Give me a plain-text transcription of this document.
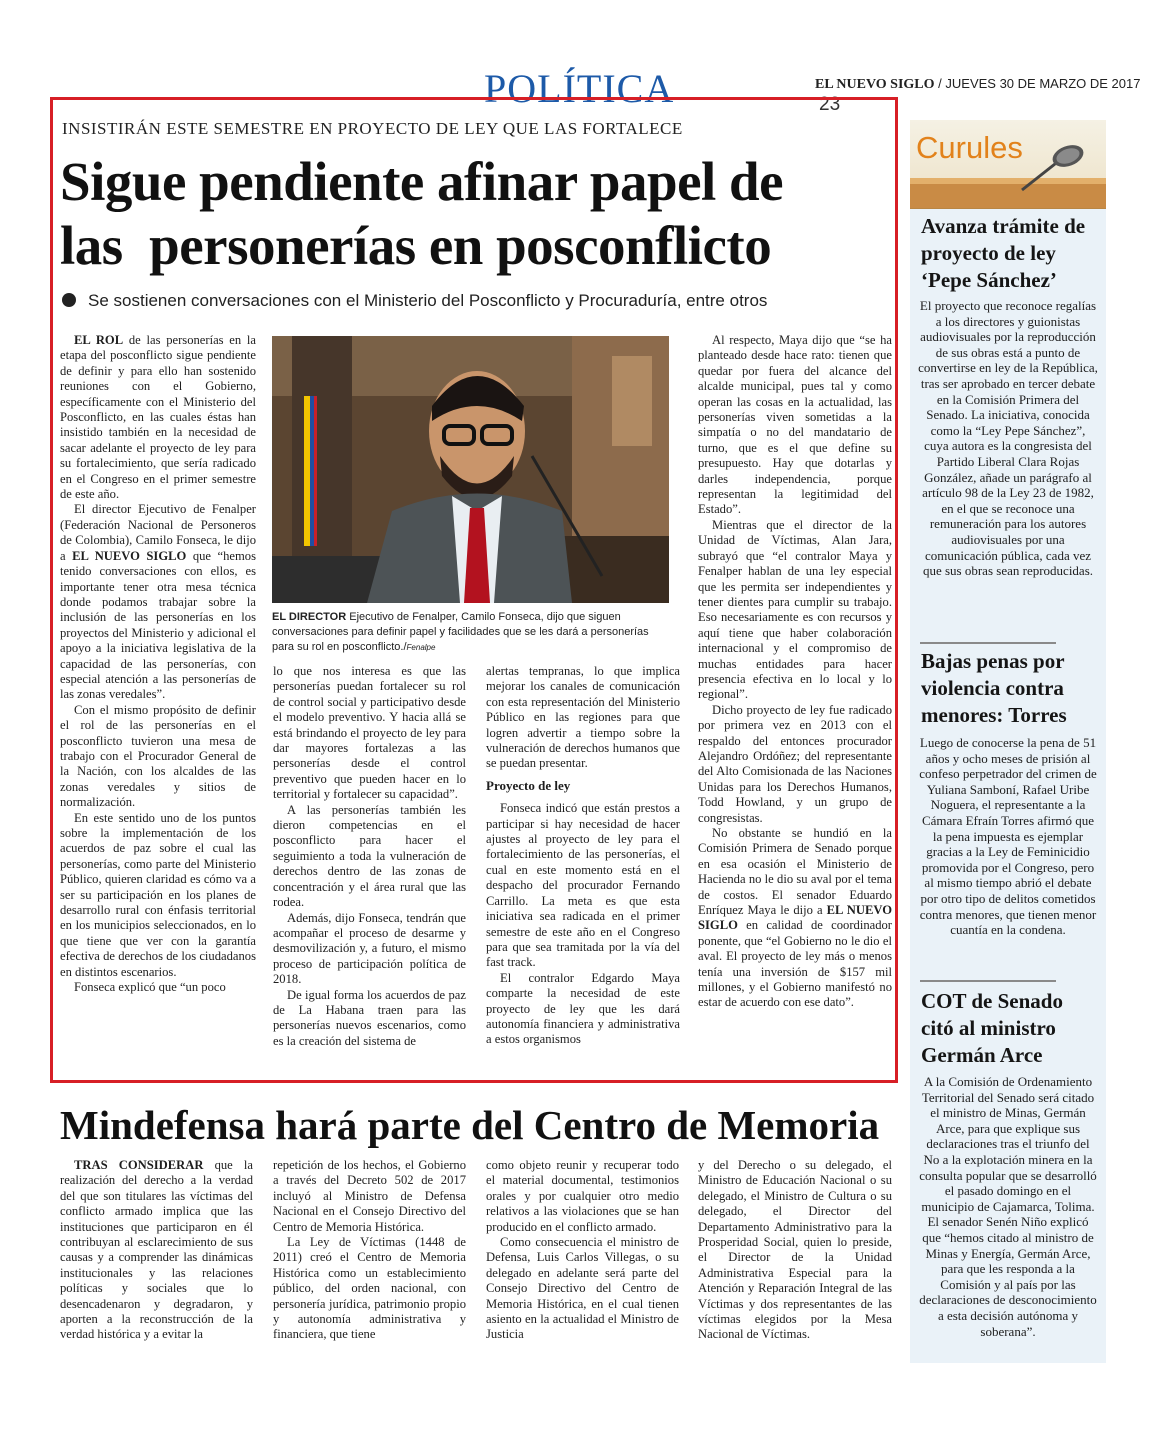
POLÍTICA	EL NUEVO SIGLO / JUEVES 30 DE MARZO DE 2017 23
INSISTIRÁN ESTE SEMESTRE EN PROYECTO DE LEY QUE LAS FORTALECE
Sigue pendiente afinar papel de
las  personerías en posconflicto
Se sostienen conversaciones con el Ministerio del Posconflicto y Procuraduría, entre otros

EL ROL de las personerías en la etapa del posconflicto sigue pendiente de definir y para ello han sostenido reuniones con el Gobierno, específicamente con el Ministerio del Posconflicto, en las cuales éstas han insistido también en la necesidad de sacar adelante el proyecto de ley para su fortalecimiento, que sería radicado en el Congreso en el primer semestre de este año.

El director Ejecutivo de Fenalper (Federación Nacional de Personeros de Colombia), Camilo Fonseca, le dijo a EL NUEVO SIGLO que “hemos tenido conversaciones con ellos, es importante tener otra mesa técnica donde podamos trabajar sobre la inclusión de las personerías en los proyectos del Ministerio y adicional el apoyo a la iniciativa legislativa de la capacidad de las personerías, con especial atención a las personerías de las zonas veredales”.

Con el mismo propósito de definir el rol de las personerías en el posconflicto tuvieron una mesa de trabajo con el Procurador General de la Nación, con los alcaldes de las zonas veredales y sitios de normalización.

En este sentido uno de los puntos sobre la implementación de los acuerdos de paz sobre el cual las personerías, como parte del Ministerio Público, quieren claridad es cómo va a ser su participación en los planes de desarrollo rural con énfasis territorial en los municipios seleccionados, en lo que tiene que ver con la garantía efectiva de derechos de los ciudadanos en distintos escenarios.

Fonseca explicó que “un poco

EL DIRECTOR Ejecutivo de Fenalper, Camilo Fonseca, dijo que siguen conversaciones para definir papel y facilidades que se les dará a personerías para su rol en posconflicto./Fenalpe

lo que nos interesa es que las personerías puedan fortalecer su rol de control social y participativo desde el modelo preventivo. Y hacia allá se está brindando el proyecto de ley para dar mayores fortalezas a las personerías desde el control preventivo que pueden hacer en lo territorial y fortalecer su capacidad”.

A las personerías también les dieron competencias en el posconflicto para hacer el seguimiento a toda la vulneración de derechos dentro de las zonas de concentración y el área rural que las rodea.

Además, dijo Fonseca, tendrán que acompañar el proceso de desarme y desmovilización y, a futuro, el mismo proceso de participación política de 2018.

De igual forma los acuerdos de paz de La Habana traen para las personerías nuevos escenarios, como es la creación del sistema de

alertas tempranas, lo que implica mejorar los canales de comunicación con esta representación del Ministerio Público en las regiones para que logren advertir a tiempo sobre la vulneración de derechos humanos que se puedan presentar.

Proyecto de ley

Fonseca indicó que están prestos a participar si hay necesidad de hacer ajustes al proyecto de ley para el fortalecimiento de las personerías, el cual en este momento está en el despacho del procurador Fernando Carrillo. La meta es que esta iniciativa sea radicada en el primer semestre de este año en el Congreso para que sea tramitada por la vía del fast track.

El contralor Edgardo Maya comparte la necesidad de este proyecto de ley que les dará autonomía financiera y administrativa a estos organismos

Al respecto, Maya dijo que “se ha planteado desde hace rato: tienen que quedar por fuera del alcance del alcalde municipal, pues tal y como operan las cosas en la actualidad, las personerías viven sometidas a la simpatía o no del mandatario de turno, que es el que define su presupuesto. Hay que dotarlas y darles independencia, porque representan la legitimidad del Estado”.

Mientras que el director de la Unidad de Víctimas, Alan Jara, subrayó que “el contralor Maya y Fenalper hablan de una ley especial que les permita ser independientes y tener dientes para cumplir su trabajo. Eso necesariamente es con recursos y aquí tiene que haber colaboración internacional y el compromiso de muchas entidades para hacer presencia efectiva en lo local y lo regional”.

Dicho proyecto de ley fue radicado por primera vez en 2013 con el respaldo del entonces procurador Alejandro Ordóñez; del representante del Alto Comisionada de las Naciones Unidas para los Derechos Humanos, Todd Howland, y un grupo de congresistas.

No obstante se hundió en la Comisión Primera de Senado porque en esa ocasión el Ministerio de Hacienda no le dio su aval por el tema de costos. El senador Eduardo Enríquez Maya le dijo a EL NUEVO SIGLO en calidad de coordinador ponente, que “el Gobierno no le dio el aval. El proyecto de ley más o menos tenía una inversión de $157 mil millones, y el Gobierno manifestó no estar de acuerdo con ese dato”.

Mindefensa hará parte del Centro de Memoria

TRAS CONSIDERAR que la realización del derecho a la verdad del que son titulares las víctimas del conflicto armado implica que las instituciones que participaron en él contribuyan al esclarecimiento de sus causas y a comprender las dinámicas institucionales y las relaciones políticas y sociales que lo desencadenaron y degradaron, y aporten a la reconstrucción de la verdad histórica y a evitar la

repetición de los hechos, el Gobierno a través del Decreto 502 de 2017 incluyó al Ministro de Defensa Nacional en el Consejo Directivo del Centro de Memoria Histórica.

La Ley de Víctimas (1448 de 2011) creó el Centro de Memoria Histórica como un establecimiento público, del orden nacional, con personería jurídica, patrimonio propio y autonomía administrativa y financiera, que tiene

como objeto reunir y recuperar todo el material documental, testimonios orales y por cualquier otro medio relativos a las violaciones que se han producido en el conflicto armado.

Como consecuencia el ministro de Defensa, Luis Carlos Villegas, o su delegado en adelante será parte del Consejo Directivo del Centro de Memoria Histórica, en el cual tienen asiento en la actualidad el Ministro de Justicia

y del Derecho o su delegado, el Ministro de Educación Nacional o su delegado, el Ministro de Cultura o su delegado, el Director del Departamento Administrativo para la Prosperidad Social, quien lo preside, el Director de la Unidad Administrativa Especial para la Atención y Reparación Integral de las Víctimas y dos representantes de las víctimas elegidos por la Mesa Nacional de Víctimas.

Curules
Avanza trámite de proyecto de ley ‘Pepe Sánchez’

El proyecto que reconoce regalías a los directores y guionistas audiovisuales por la reproducción de sus obras está a punto de convertirse en ley de la República, tras ser aprobado en tercer debate en la Comisión Primera del Senado. La iniciativa, conocida como la “Ley Pepe Sánchez”, cuya autora es la congresista del Partido Liberal Clara Rojas González, añade un parágrafo al artículo 98 de la Ley 23 de 1982, en el que se reconoce una remuneración para los autores audiovisuales por una comunicación pública, cada vez que sus obras sean reproducidas.

Bajas penas por violencia contra menores: Torres

Luego de conocerse la pena de 51 años y ocho meses de prisión al confeso perpetrador del crimen de Yuliana Samboní, Rafael Uribe Noguera, el representante a la Cámara Efraín Torres afirmó que la pena impuesta es ejemplar gracias a la Ley de Feminicidio promovida por el Congreso, pero al mismo tiempo abrió el debate por otro tipo de delitos cometidos contra menores, que tienen menor cuantía en la condena.

COT de Senado citó al ministro Germán Arce

A la Comisión de Ordenamiento Territorial del Senado será citado el ministro de Minas, Germán Arce, para que explique sus declaraciones tras el triunfo del No a la explotación minera en la consulta popular que se desarrolló el pasado domingo en el municipio de Cajamarca, Tolima. El senador Senén Niño explicó que “hemos citado al ministro de Minas y Energía, Germán Arce, para que les responda a la Comisión y al país por las declaraciones de desconocimiento a esta decisión autónoma y soberana”.
